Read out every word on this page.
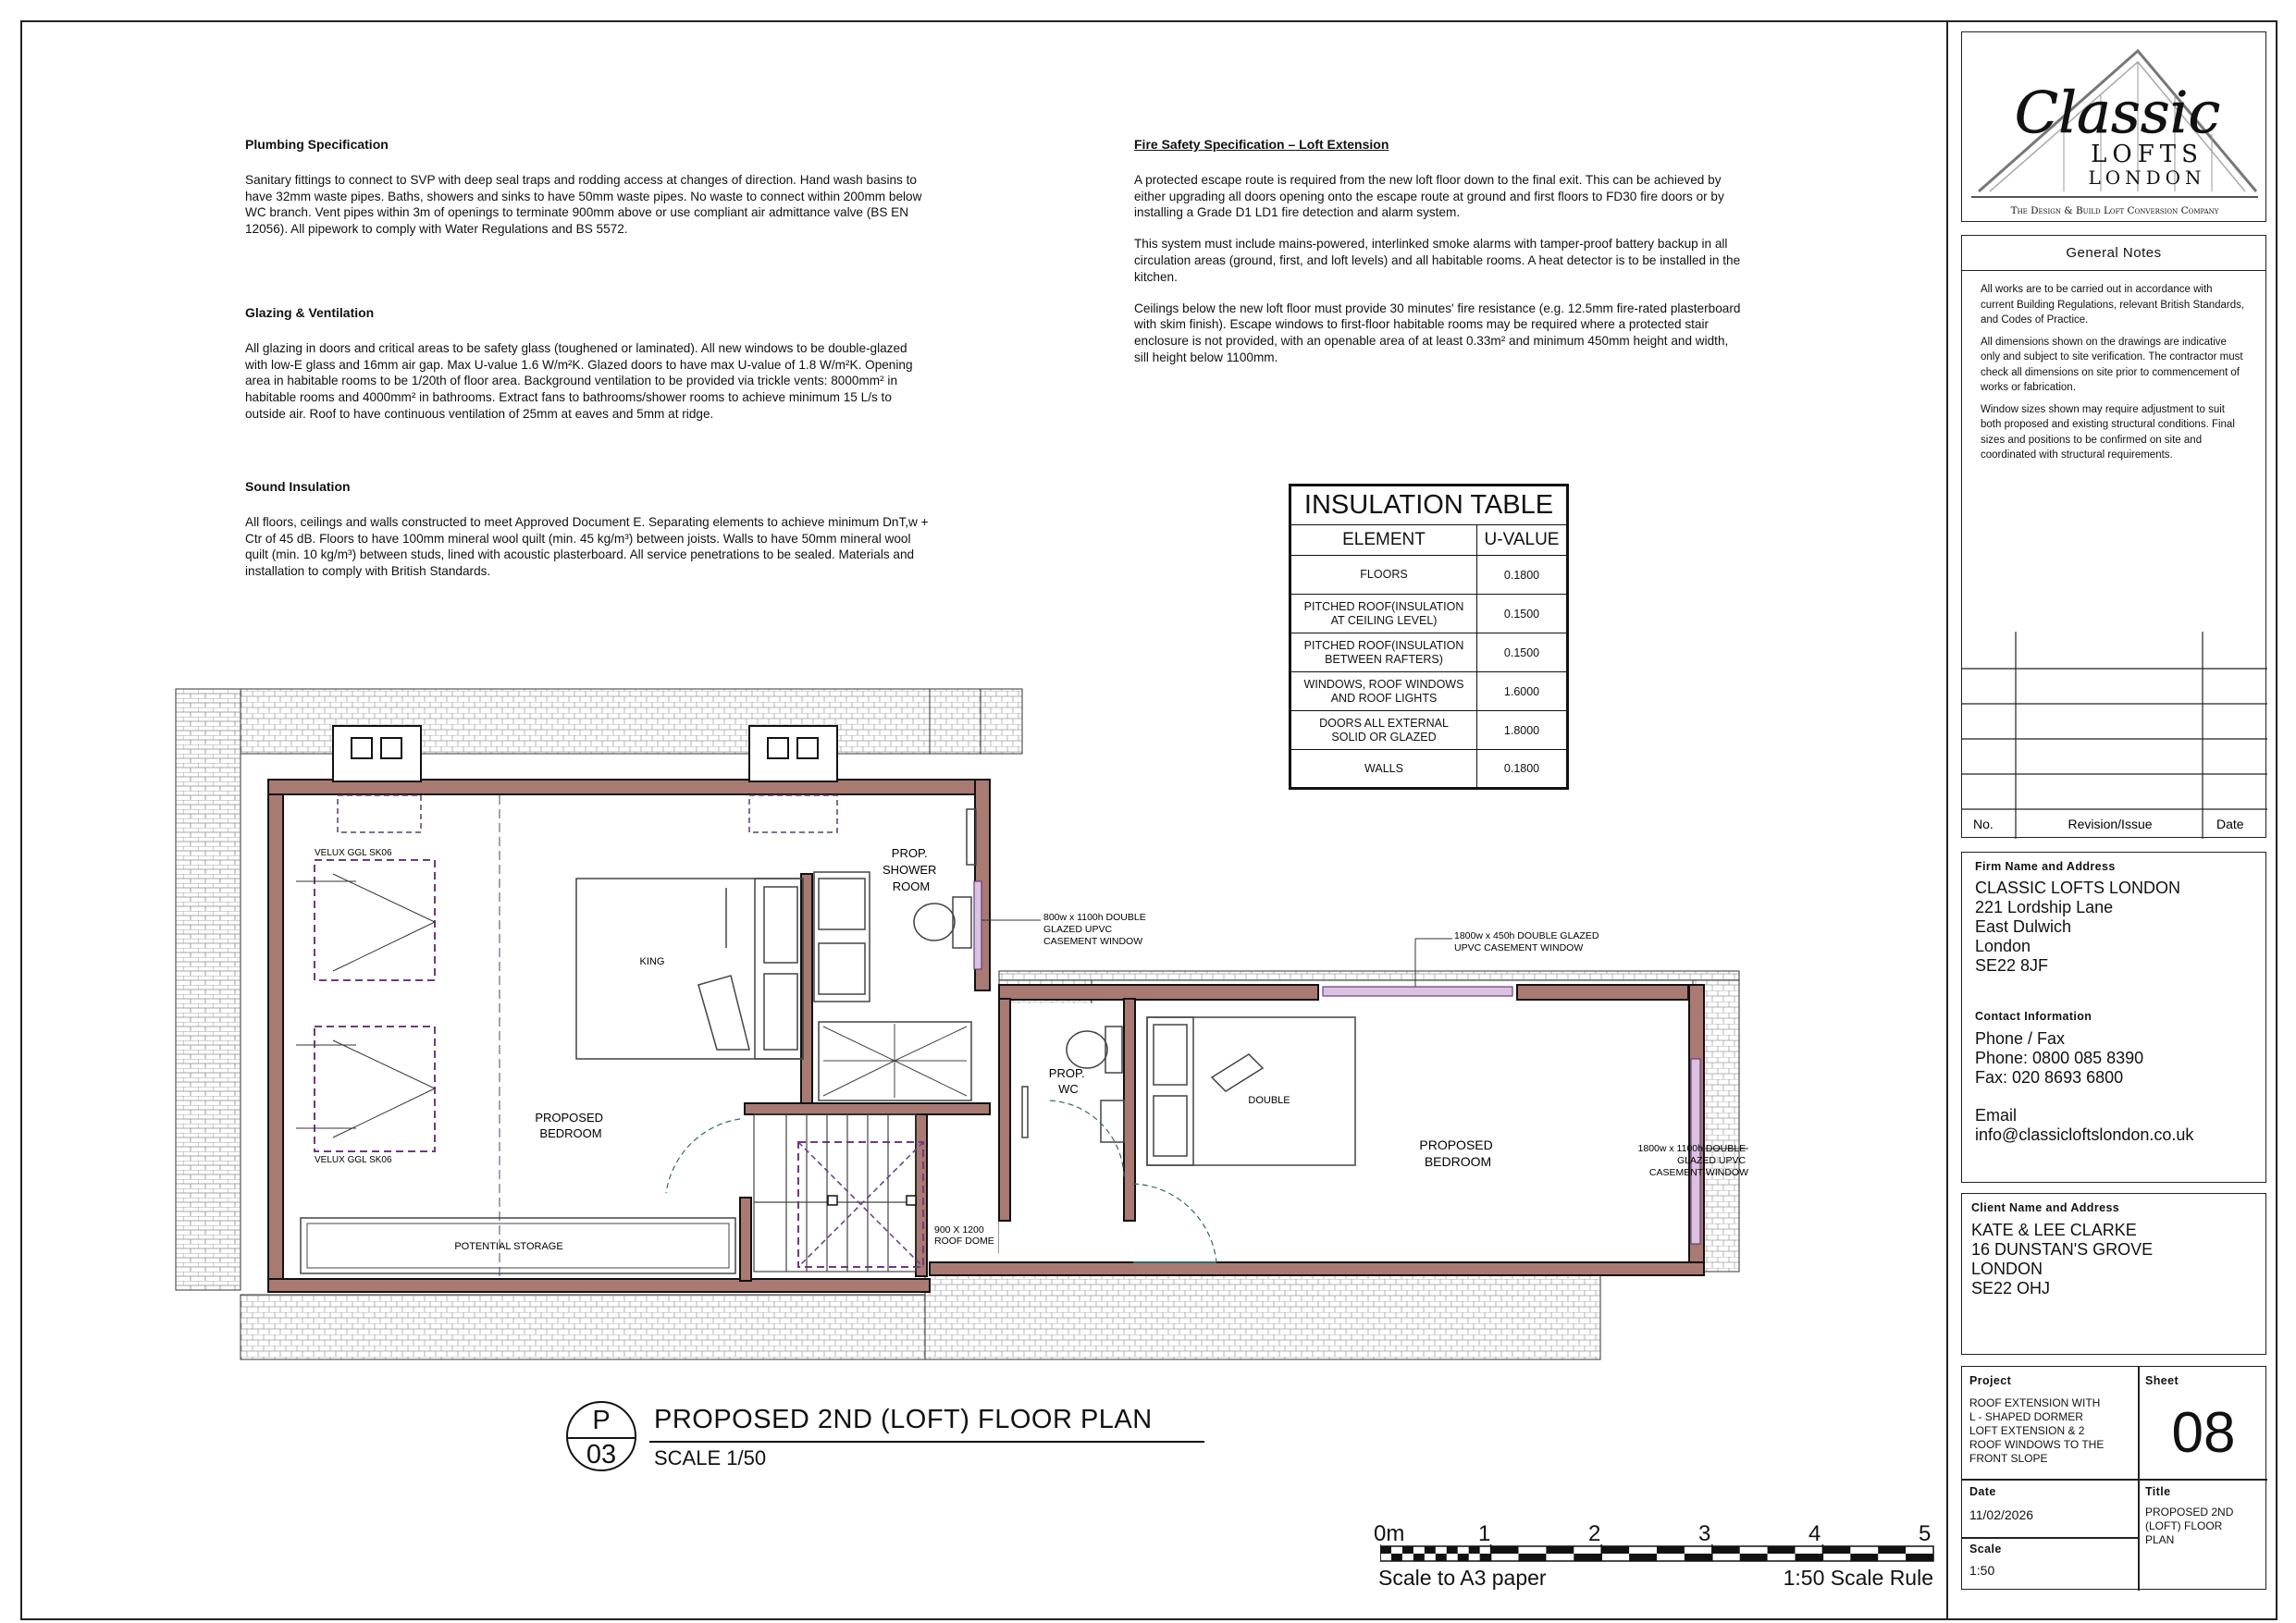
Plumbing Specification

Sanitary fittings to connect to SVP with deep seal traps and rodding access at changes of direction. Hand wash basins to have 32mm waste pipes. Baths, showers and sinks to have 50mm waste pipes. No waste to connect within 200mm below WC branch. Vent pipes within 3m of openings to terminate 900mm above or use compliant air admittance valve (BS EN 12056). All pipework to comply with Water Regulations and BS 5572.

Glazing & Ventilation

All glazing in doors and critical areas to be safety glass (toughened or laminated). All new windows to be double-glazed with low-E glass and 16mm air gap. Max U-value 1.6 W/m²K. Glazed doors to have max U-value of 1.8 W/m²K. Opening area in habitable rooms to be 1/20th of floor area. Background ventilation to be provided via trickle vents: 8000mm² in habitable rooms and 4000mm² in bathrooms. Extract fans to bathrooms/shower rooms to achieve minimum 15 L/s to outside air. Roof to have continuous ventilation of 25mm at eaves and 5mm at ridge.

Sound Insulation

All floors, ceilings and walls constructed to meet Approved Document E. Separating elements to achieve minimum DnT,w + Ctr of 45 dB. Floors to have 100mm mineral wool quilt (min. 45 kg/m³) between joists. Walls to have 50mm mineral wool quilt (min. 10 kg/m³) between studs, lined with acoustic plasterboard. All service penetrations to be sealed. Materials and installation to comply with British Standards.

Fire Safety Specification – Loft Extension

A protected escape route is required from the new loft floor down to the final exit. This can be achieved by either upgrading all doors opening onto the escape route at ground and first floors to FD30 fire doors or by installing a Grade D1 LD1 fire detection and alarm system.

This system must include mains-powered, interlinked smoke alarms with tamper-proof battery backup in all circulation areas (ground, first, and loft levels) and all habitable rooms. A heat detector is to be installed in the kitchen.

Ceilings below the new loft floor must provide 30 minutes' fire resistance (e.g. 12.5mm fire-rated plasterboard with skim finish). Escape windows to first-floor habitable rooms may be required where a protected stair enclosure is not provided, with an openable area of at least 0.33m² and minimum 450mm height and width, sill height below 1100mm.

INSULATION TABLE	
ELEMENT	U-VALUE
FLOORS	0.1800
PITCHED ROOF(INSULATION
AT CEILING LEVEL)	0.1500
PITCHED ROOF(INSULATION
BETWEEN RAFTERS)	0.1500
WINDOWS, ROOF WINDOWS
AND ROOF LIGHTS	1.6000
DOORS ALL EXTERNAL
SOLID OR GLAZED	1.8000
WALLS	0.1800
VELUX GGL SK06
VELUX GGL SK06
KING
PROP. SHOWER ROOM
800w x 1100h DOUBLE GLAZED UPVC CASEMENT WINDOW
PROPOSED BEDROOM
POTENTIAL STORAGE
900 X 1200 ROOF DOME
PROP. WC
DOUBLE
PROPOSED BEDROOM
1800w x 450h DOUBLE GLAZED UPVC CASEMENT WINDOW
1800w x 1100h DOUBLE GLAZED UPVC CASEMENT WINDOW
P
03
PROPOSED 2ND (LOFT) FLOOR PLAN
SCALE 1/50
0m	1	2	3	4	5
Scale to A3 paper	1:50 Scale Rule
Classic
LOFTS
LONDON
The Design & Build Loft Conversion Company
General Notes

All works are to be carried out in accordance with current Building Regulations, relevant British Standards, and Codes of Practice.

All dimensions shown on the drawings are indicative only and subject to site verification. The contractor must check all dimensions on site prior to commencement of works or fabrication.

Window sizes shown may require adjustment to suit both proposed and existing structural conditions. Final sizes and positions to be confirmed on site and coordinated with structural requirements.

No.	Revision/Issue	Date
Firm Name and Address
CLASSIC LOFTS LONDON
221 Lordship Lane
East Dulwich
London
SE22 8JF
Contact Information
Phone / Fax
Phone: 0800 085 8390
Fax: 020 8693 6800
Email
info@classicloftslondon.co.uk
Client Name and Address
KATE & LEE CLARKE
16 DUNSTAN'S GROVE
LONDON
SE22 OHJ
Project
ROOF EXTENSION WITH
L - SHAPED DORMER
LOFT EXTENSION & 2
ROOF WINDOWS TO THE
FRONT SLOPE
Sheet
08
Date
11/02/2026
Scale
1:50
Title
PROPOSED 2ND
(LOFT) FLOOR
PLAN
